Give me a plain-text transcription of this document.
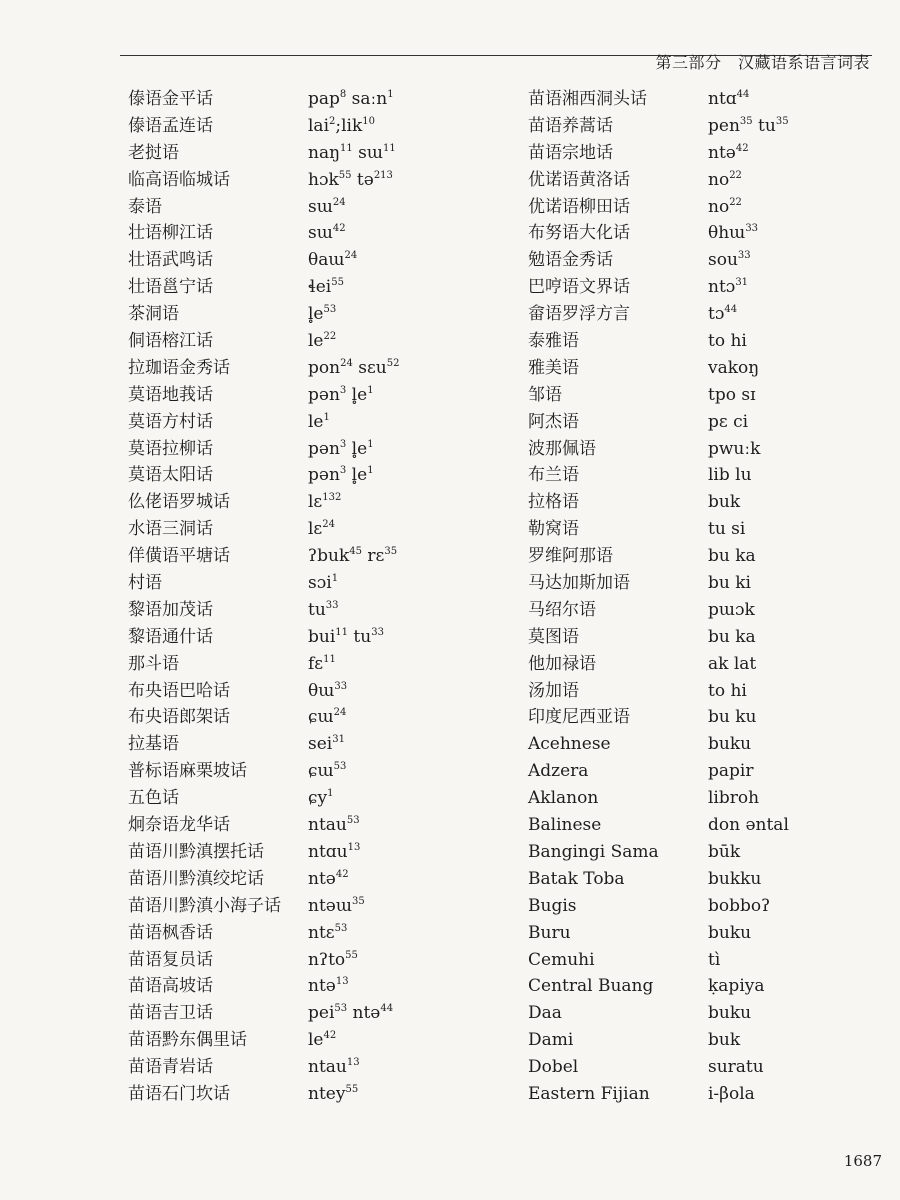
第三部分　汉藏语系语言词表
傣语金平话	pap$^8$ saːn$^1$
傣语孟连话	lai$^2$;lik$^{10}$
老挝语	naŋ$^{11}$ sɯ$^{11}$
临高语临城话	hɔk$^{55}$ tə$^{213}$
泰语	sɯ$^{24}$
壮语柳江话	sɯ$^{42}$
壮语武鸣话	θaɯ$^{24}$
壮语邕宁话	ɬei$^{55}$
茶洞语	$l̥e^{53}$
侗语榕江话	$le^{22}$
拉珈语金秀话	pon$^{24}$ sɛu$^{52}$
莫语地莪话	pən$^3$ $l̥e^1$
莫语方村话	$le^1$
莫语拉柳话	pən$^3$ $l̥e^1$
莫语太阳话	pən$^3$ $l̥e^1$
仫佬语罗城话	lɛ$^{132}$
水语三洞话	lɛ$^{24}$
佯僙语平塘话	ʔbuk$^{45}$ rɛ$^{35}$
村语	sɔi$^1$
黎语加茂话	$tu^{33}$
黎语通什话	bui$^{11}$ $tu^{33}$
那斗语	fɛ$^{11}$
布央语巴哈话	θɯ$^{33}$
布央语郎架话	ɕɯ$^{24}$
拉基语	sei$^{31}$
普标语麻栗坡话	ɕɯ$^{53}$
五色话	ɕy$^1$
炯奈语龙华话	ntau$^{53}$
苗语川黔滇摆托话	ntɑu$^{13}$
苗语川黔滇绞坨话	ntə$^{42}$
苗语川黔滇小海子话 ntəɯ$^{35}$
苗语枫香话	ntɛ$^{53}$
苗语复员话	nʔto$^{55}$
苗语高坡话	ntə$^{13}$
苗语吉卫话	pei$^{53}$ ntə$^{44}$
苗语黔东偶里话	$le^{42}$
苗语青岩话	ntau$^{13}$
苗语石门坎话	ntey$^{55}$
苗语湘西洞头话	ntɑ$^{44}$
苗语养蒿话	pen$^{35}$ $tu^{35}$
苗语宗地话	ntə$^{42}$
优诺语黄洛话	$no^{22}$
优诺语柳田话	$no^{22}$
布努语大化话	θhɯ$^{33}$
勉语金秀话	sou$^{33}$
巴哼语文界话	ntɔ$^{31}$
畲语罗浮方言	tɔ$^{44}$
泰雅语	to hi
雅美语	vakoŋ
邹语	tpo sɪ
阿杰语	pɛ ci
波那佩语	pwuːk
布兰语	lib lu
拉格语	buk
勒窝语	tu si
罗维阿那语	bu ka
马达加斯加语	bu ki
马绍尔语	pɯɔk
莫图语	bu ka
他加禄语	ak lat
汤加语	to hi
印度尼西亚语	bu ku
Acehnese	buku
Adzera	papir
Aklanon	libroh
Balinese	don əntal
Bangingi Sama	būk
Batak Toba	bukku
Bugis	bobboʔ
Buru	buku
Cemuhi	tì
Central Buang	ḳapiya
Daa	buku
Dami	buk
Dobel	suratu
Eastern Fijian	i-βola
1687
